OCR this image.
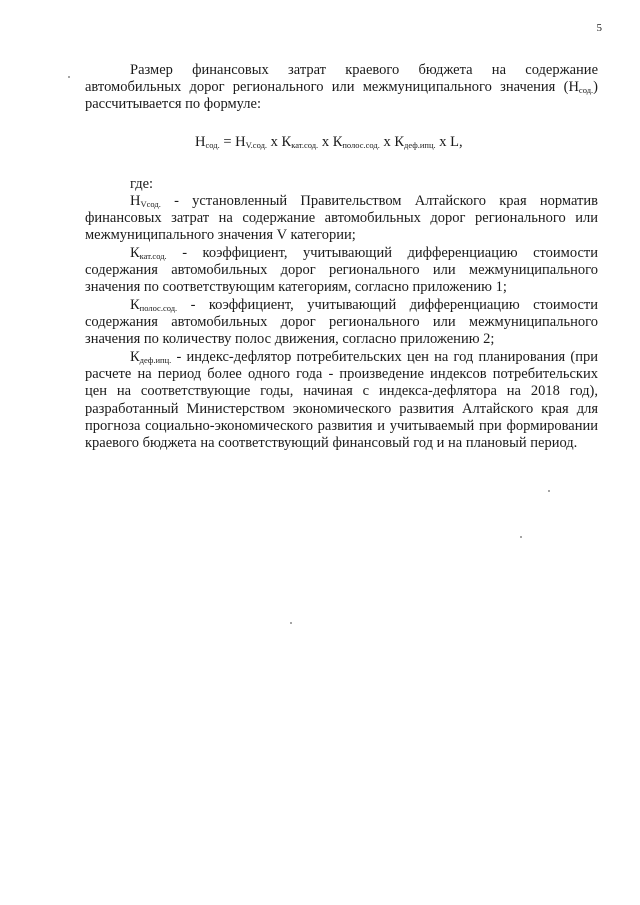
5

Размер финансовых затрат краевого бюджета на содержание автомобильных дорог регионального или межмуниципального значения $(Н_{сод.})$ рассчитывается по формуле:

$Н_{сод.} = Н_{V.сод.}$ х $К_{кат.сод.}$ х $К_{полос.сод.}$ х $К_{деф.ипц.}$ х L,

где:

$Н_{Vсод.}$ - установленный Правительством Алтайского края норматив финансовых затрат на содержание автомобильных дорог регионального или межмуниципального значения V категории;

$К_{кат.сод.}$ - коэффициент, учитывающий дифференциацию стоимости содержания автомобильных дорог регионального или межмуниципального значения по соответствующим категориям, согласно приложению 1;

$К_{полос.сод.}$ - коэффициент, учитывающий дифференциацию стоимости содержания автомобильных дорог регионального или межмуниципального значения по количеству полос движения, согласно приложению 2;

$К_{деф.ипц.}$ - индекс-дефлятор потребительских цен на год планирования (при расчете на период более одного года - произведение индексов потребительских цен на соответствующие годы, начиная с индекса-дефлятора на 2018 год), разработанный Министерством экономического развития Алтайского края для прогноза социально-экономического развития и учитываемый при формировании краевого бюджета на соответствующий финансовый год и на плановый период.
